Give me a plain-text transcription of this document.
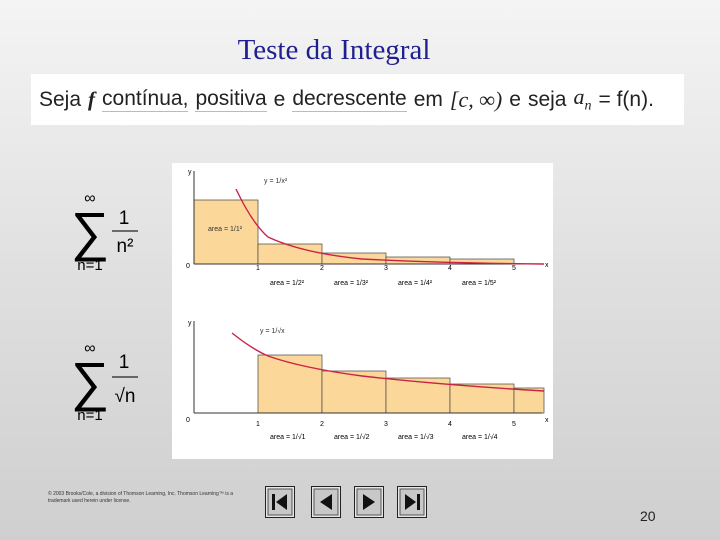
Teste da Integral
Seja f contínua, positiva e decrescente em [c, ∞) e seja $a_n = f(n)$.
∞
∑
n=1
1
n²
∞
∑
n=1
1
√n
y = 1/x²
area = 1/1²
0	1	2	3	4	5	x
y
area = 1/2²	area = 1/3²	area = 1/4²	area = 1/5²
y = 1/√x
0
1	2	3	4	5
x
y
area = 1/√1	area = 1/√2	area = 1/√3	area = 1/√4
© 2003 Brooks/Cole, a division of Thomson Learning, Inc. Thomson Learning™ is a trademark used herein under license.
20
